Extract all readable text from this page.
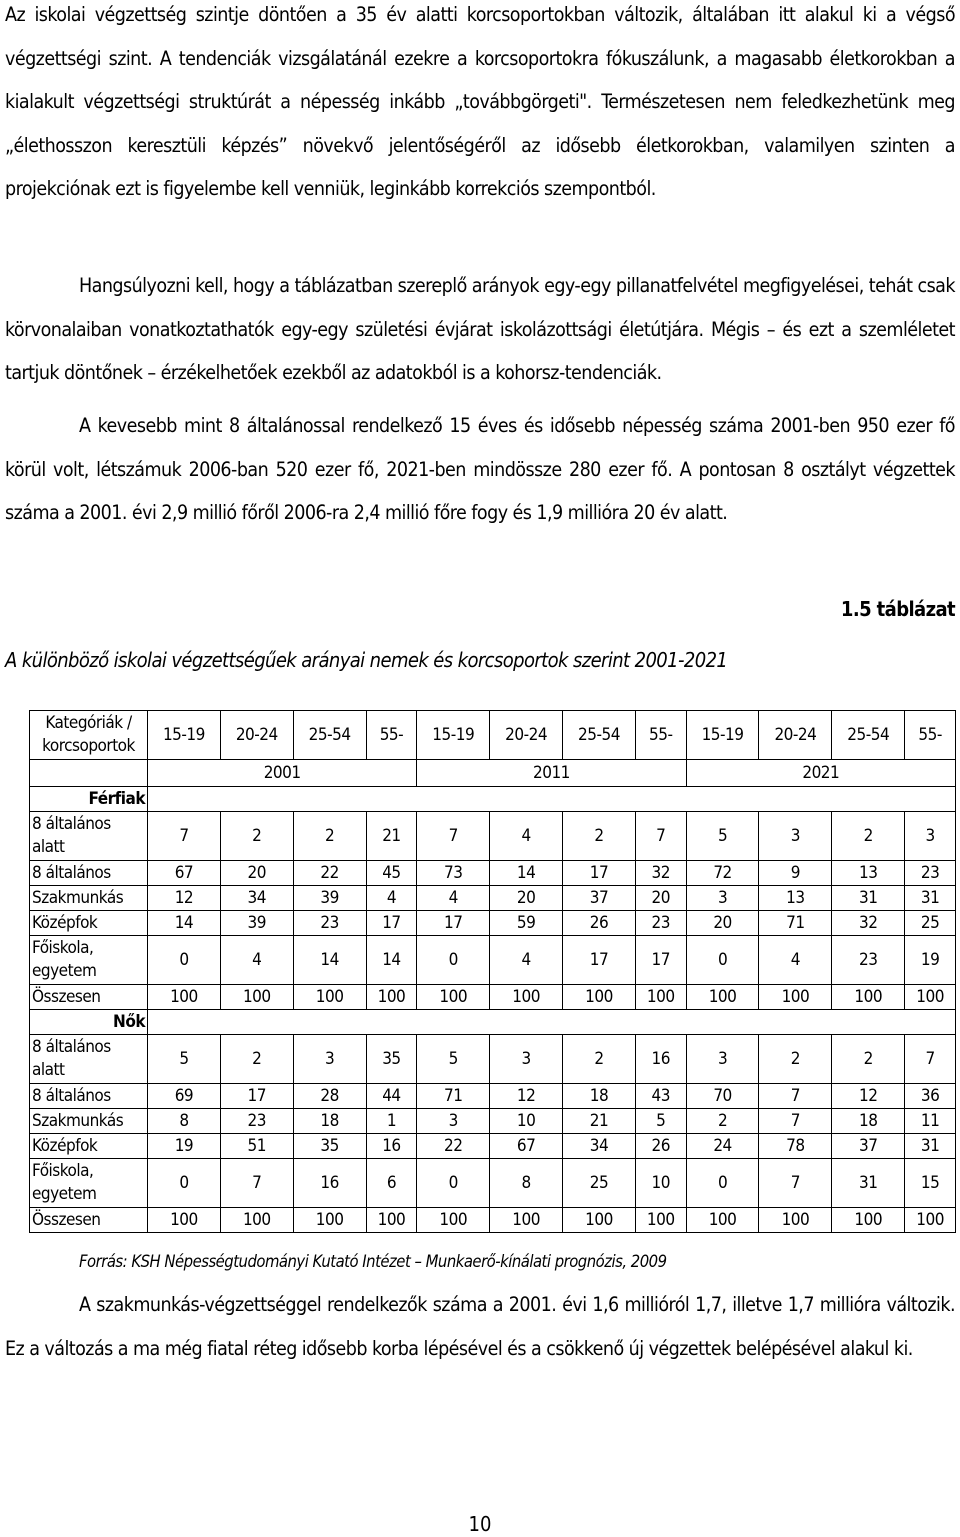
Az iskolai végzettség szintje döntően a 35 év alatti korcsoportokban változik, általában itt alakul ki a végső végzettségi szint. A tendenciák vizsgálatánál ezekre a korcsoportokra fókuszálunk, a magasabb életkorokban a kialakult végzettségi struktúrát a népesség inkább „továbbgörgeti". Természetesen nem feledkezhetünk meg „élethosszon keresztüli képzés” növekvő jelentőségéről az idősebb életkorokban, valamilyen szinten a projekciónak ezt is figyelembe kell venniük, leginkább korrekciós szempontból.

Hangsúlyozni kell, hogy a táblázatban szereplő arányok egy-egy pillanatfelvétel megfigyelései, tehát csak körvonalaiban vonatkoztathatók egy-egy születési évjárat iskolázottsági életútjára. Mégis – és ezt a szemléletet tartjuk döntőnek – érzékelhetőek ezekből az adatokból is a kohorsz-tendenciák.

A kevesebb mint 8 általánossal rendelkező 15 éves és idősebb népesség száma 2001-ben 950 ezer fő körül volt, létszámuk 2006-ban 520 ezer fő, 2021-ben mindössze 280 ezer fő. A pontosan 8 osztályt végzettek száma a 2001. évi 2,9 millió főről 2006-ra 2,4 millió főre fogy és 1,9 millióra 20 év alatt.

1.5 táblázat
A különböző iskolai végzettségűek arányai nemek és korcsoportok szerint 2001-2021
Kategóriák / korcsoportok	15-19	20-24	25-54	55-	15-19	20-24	25-54	55-	15-19	20-24	25-54	55-
	2001				2011				2021			
Férfiak												
8 általános alatt	7	2	2	21	7	4	2	7	5	3	2	3
8 általános	67	20	22	45	73	14	17	32	72	9	13	23
Szakmunkás	12	34	39	4	4	20	37	20	3	13	31	31
Középfok	14	39	23	17	17	59	26	23	20	71	32	25
Főiskola, egyetem	0	4	14	14	0	4	17	17	0	4	23	19
Összesen	100	100	100	100	100	100	100	100	100	100	100	100
Nők												
8 általános alatt	5	2	3	35	5	3	2	16	3	2	2	7
8 általános	69	17	28	44	71	12	18	43	70	7	12	36
Szakmunkás	8	23	18	1	3	10	21	5	2	7	18	11
Középfok	19	51	35	16	22	67	34	26	24	78	37	31
Főiskola, egyetem	0	7	16	6	0	8	25	10	0	7	31	15
Összesen	100	100	100	100	100	100	100	100	100	100	100	100
Forrás: KSH Népességtudományi Kutató Intézet – Munkaerő-kínálati prognózis, 2009

A szakmunkás-végzettséggel rendelkezők száma a 2001. évi 1,6 millióról 1,7, illetve 1,7 millióra változik. Ez a változás a ma még fiatal réteg idősebb korba lépésével és a csökkenő új végzettek belépésével alakul ki.

10
